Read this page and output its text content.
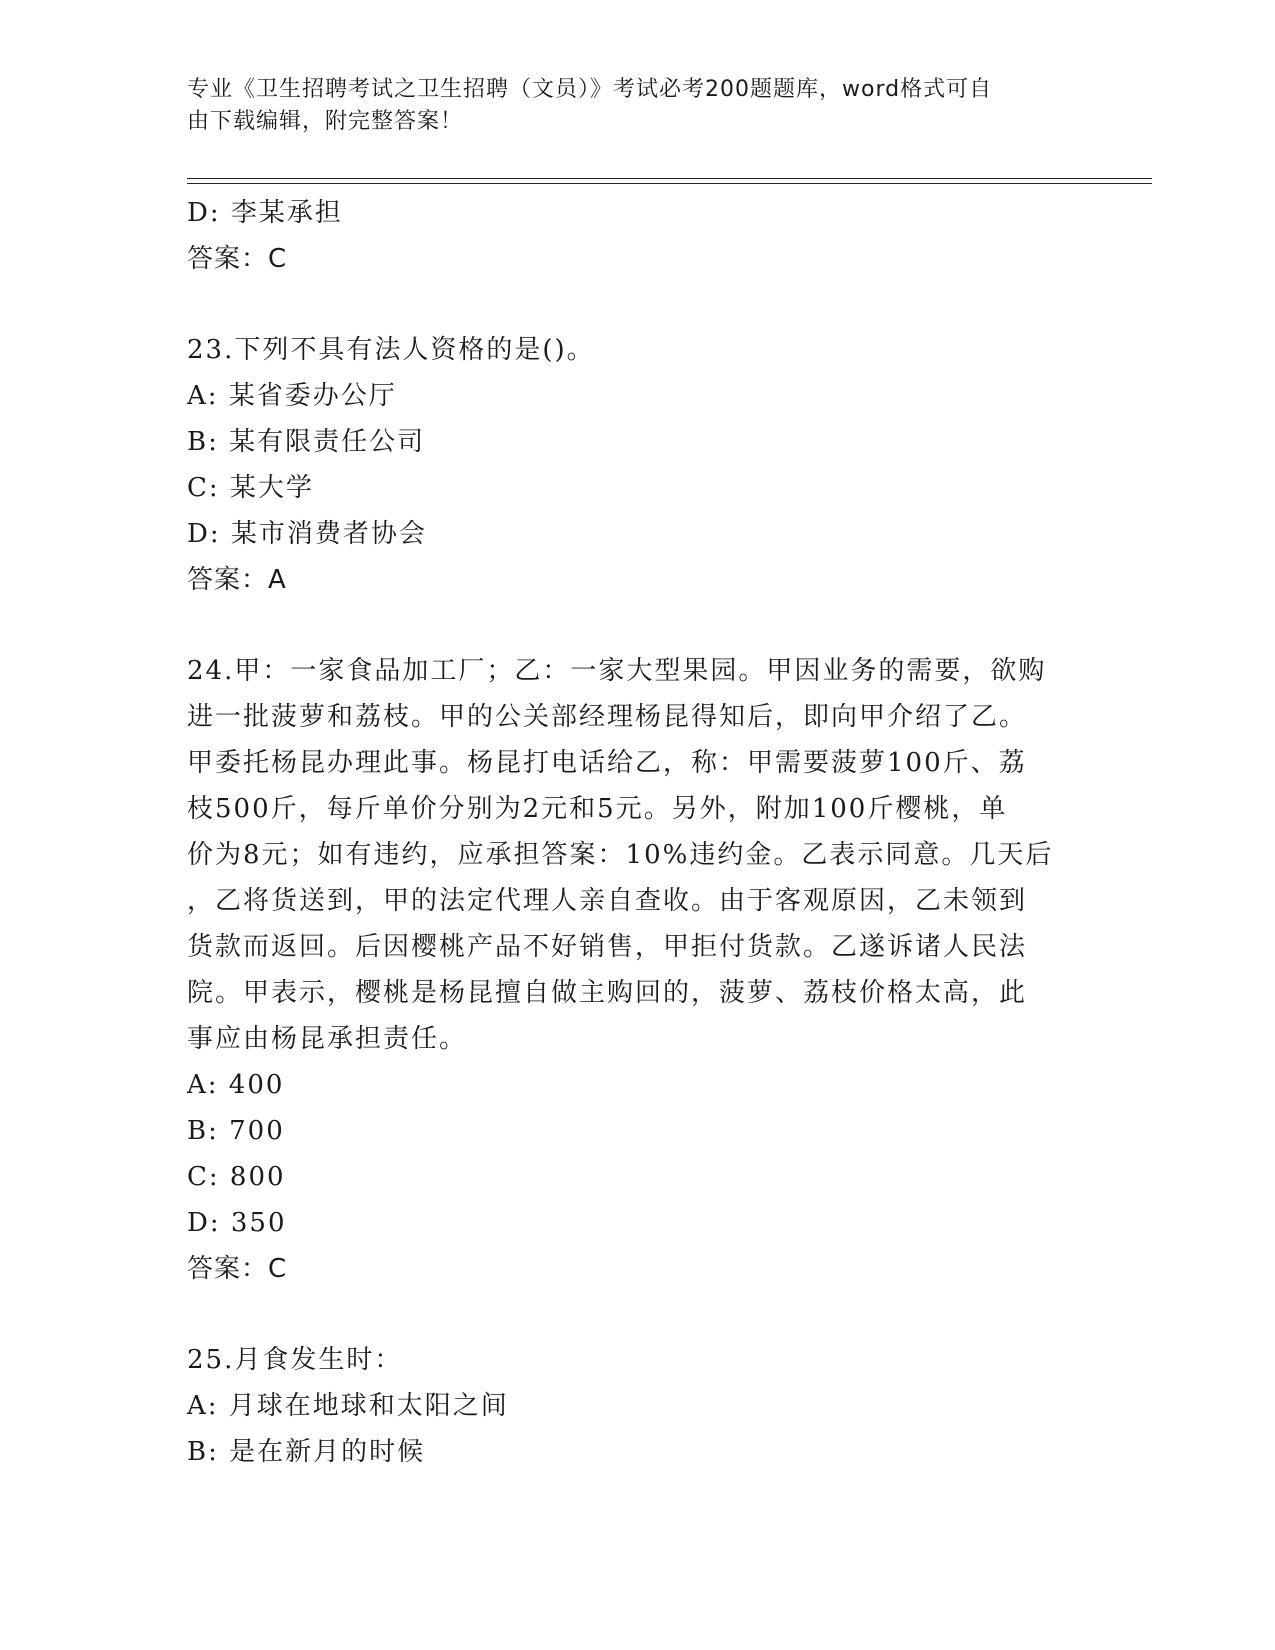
专业《卫生招聘考试之卫生招聘（文员）》考试必考200题题库，word格式可自
由下载编辑，附完整答案！
D: 李某承担
答案：C
23.下列不具有法人资格的是()。
A: 某省委办公厅
B: 某有限责任公司
C: 某大学
D: 某市消费者协会
答案：A
24.甲：一家食品加工厂；乙：一家大型果园。甲因业务的需要，欲购
进一批菠萝和荔枝。甲的公关部经理杨昆得知后，即向甲介绍了乙。
甲委托杨昆办理此事。杨昆打电话给乙，称：甲需要菠萝100斤、荔
枝500斤，每斤单价分别为2元和5元。另外，附加100斤樱桃，单
价为8元；如有违约，应承担答案：10%违约金。乙表示同意。几天后
，乙将货送到，甲的法定代理人亲自查收。由于客观原因，乙未领到
货款而返回。后因樱桃产品不好销售，甲拒付货款。乙遂诉诸人民法
院。甲表示，樱桃是杨昆擅自做主购回的，菠萝、荔枝价格太高，此
事应由杨昆承担责任。
A: 400
B: 700
C: 800
D: 350
答案：C
25.月食发生时：
A: 月球在地球和太阳之间
B: 是在新月的时候
